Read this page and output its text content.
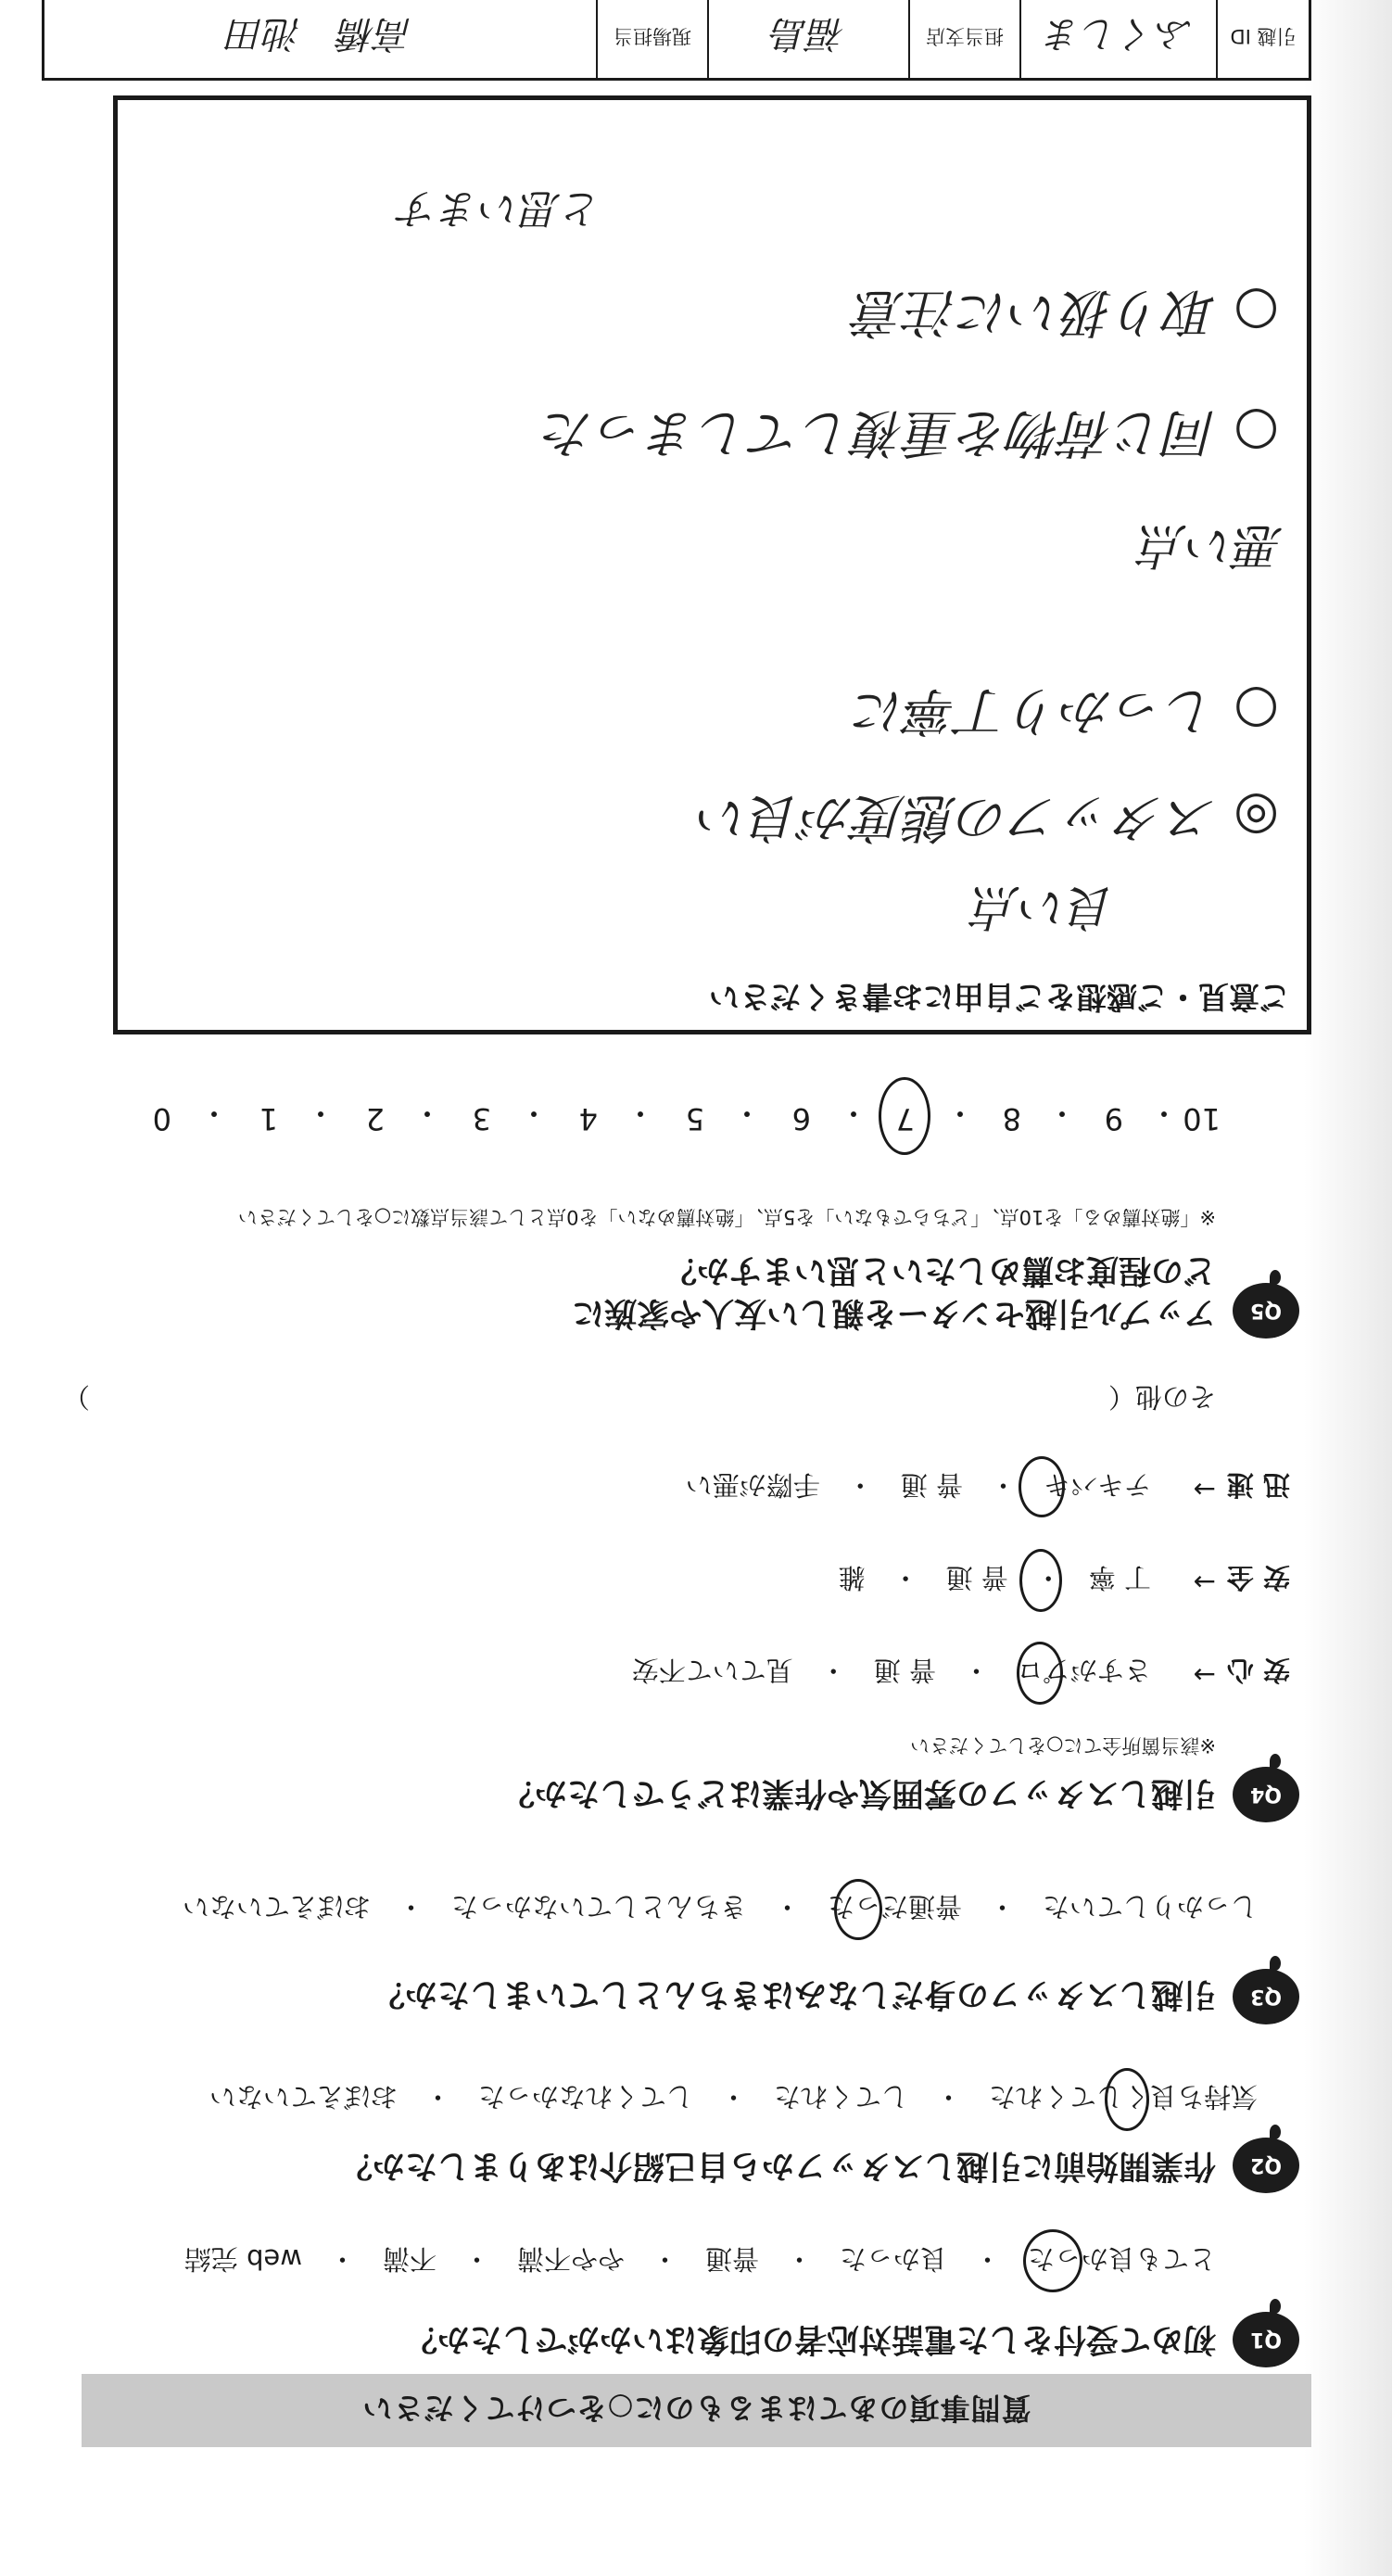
質問事項のあてはまるものに○をつけてください
Q1
初めて受付をした電話対応者の印象はいかがでしたか？
とても良かった　・　良かった　・　普通　・　やや不満　・　不満　・　web 完結
Q2
作業開始前に引越しスタッフから自己紹介はありましたか？
気持ち良くしてくれた　・　してくれた　・　してくれなかった　・　おぼえていない
Q3
引越しスタッフの身だしなみはきちんとしていましたか？
しっかりしていた　・　普通だった　・　きちんとしていなかった　・　おぼえていない
Q4
引越しスタッフの雰囲気や作業はどうでしたか？
※該当箇所全てに○をしてください
安 心
→
さすがプロ　・　普 通　・　見ていて不安
安 全
→
丁 寧　・　普 通　・　雑
迅 速
→
テキパキ　・　普 通　・　手際が悪い
その他（
）
Q5
アップル引越センターを親しい友人や家族に
どの程度お薦めしたいと思いますか？
※「絶対薦める」を10点、「どちらでもない」を5点、「絶対薦めない」を0点として該当点数に○をしてください
10
・
9
・
8
・
7
・
6
・
5
・
4
・
3
・
2
・
1
・
0
ご意見・ご感想をご自由にお書きください
良い点
◎ スタッフの態度が良い
○ しっかり丁寧に
悪い点
○ 同じ荷物を重複してしまった
○ 取り扱いに注意
と思います
引越 ID
ふくしま
担当支店
福島
現場担当
高橋　池田
